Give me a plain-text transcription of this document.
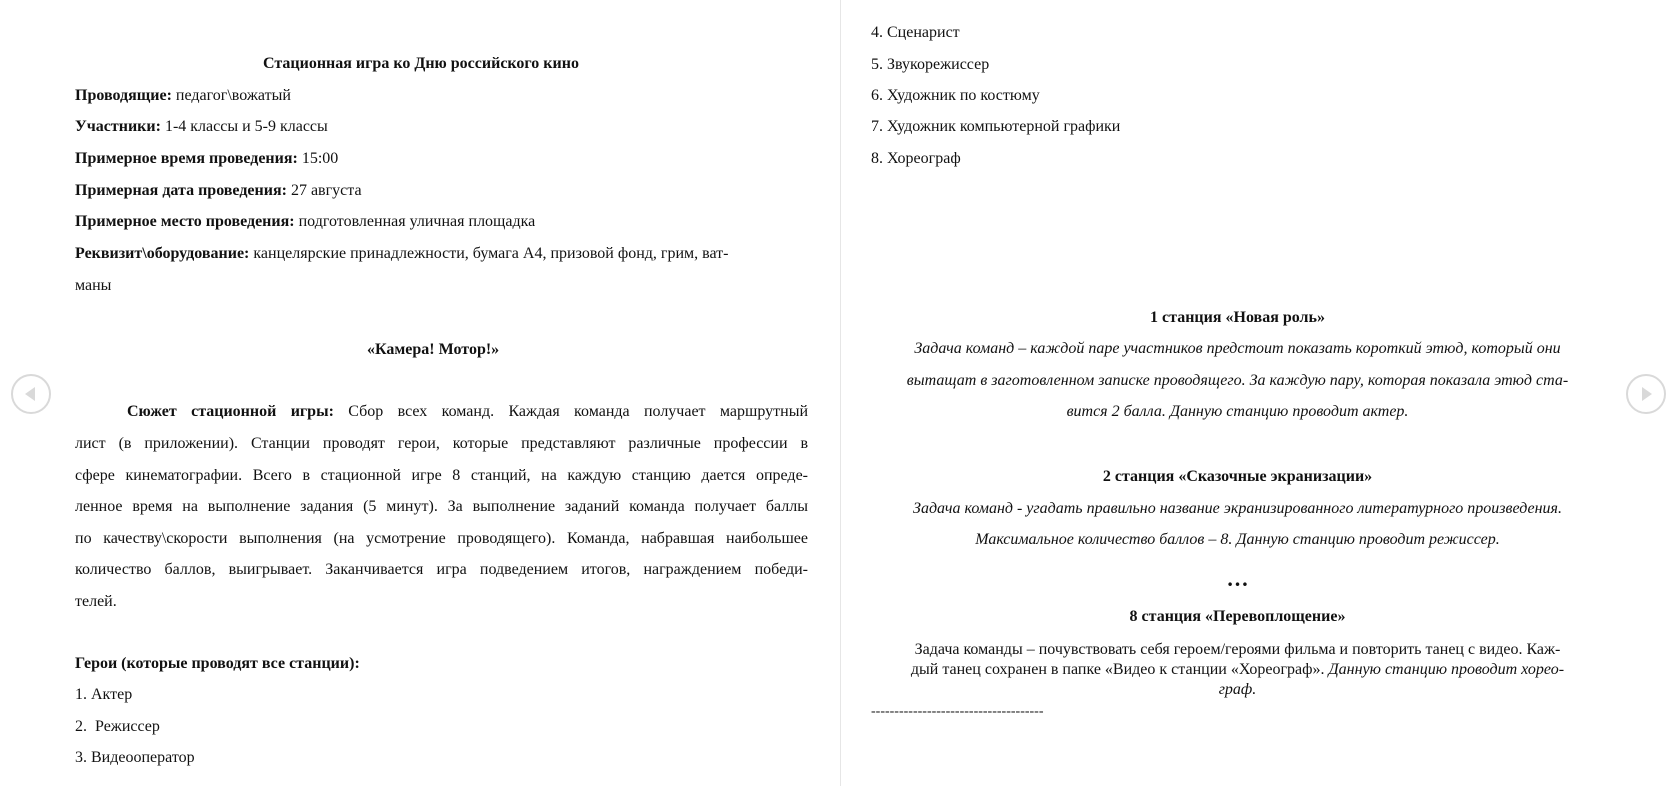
Стационная игра ко Дню российского кино
Проводящие: педагог\вожатый
Участники: 1-4 классы и 5-9 классы
Примерное время проведения: 15:00
Примерная дата проведения: 27 августа
Примерное место проведения: подготовленная уличная площадка
Реквизит\оборудование: канцелярские принадлежности, бумага А4, призовой фонд, грим, ват-
маны
«Камера! Мотор!»
Сюжет стационной игры: Сбор всех команд. Каждая команда получает маршрутный
лист (в приложении). Станции проводят герои, которые представляют различные профессии в
сфере кинематографии. Всего в стационной игре 8 станций, на каждую станцию дается опреде-
ленное время на выполнение задания (5 минут). За выполнение заданий команда получает баллы
по качеству\скорости выполнения (на усмотрение проводящего). Команда, набравшая наибольшее
количество баллов, выигрывает. Заканчивается игра подведением итогов, награждением победи-
телей.
Герои (которые проводят все станции):
1. Актер
2.  Режиссер
3. Видеооператор
4. Сценарист
5. Звукорежиссер
6. Художник по костюму
7. Художник компьютерной графики
8. Хореограф
1 станция «Новая роль»
Задача команд – каждой паре участников предстоит показать короткий этюд, который они
вытащат в заготовленном записке проводящего. За каждую пару, которая показала этюд ста-
вится 2 балла. Данную станцию проводит актер.
2 станция «Сказочные экранизации»
Задача команд - угадать правильно название экранизированного литературного произведения.
Максимальное количество баллов – 8. Данную станцию проводит режиссер.
…
8 станция «Перевоплощение»
Задача команды – почувствовать себя героем/героями фильма и повторить танец с видео. Каж-
дый танец сохранен в папке «Видео к станции «Хореограф». Данную станцию проводит хорео-
граф.
-------------------------------------
